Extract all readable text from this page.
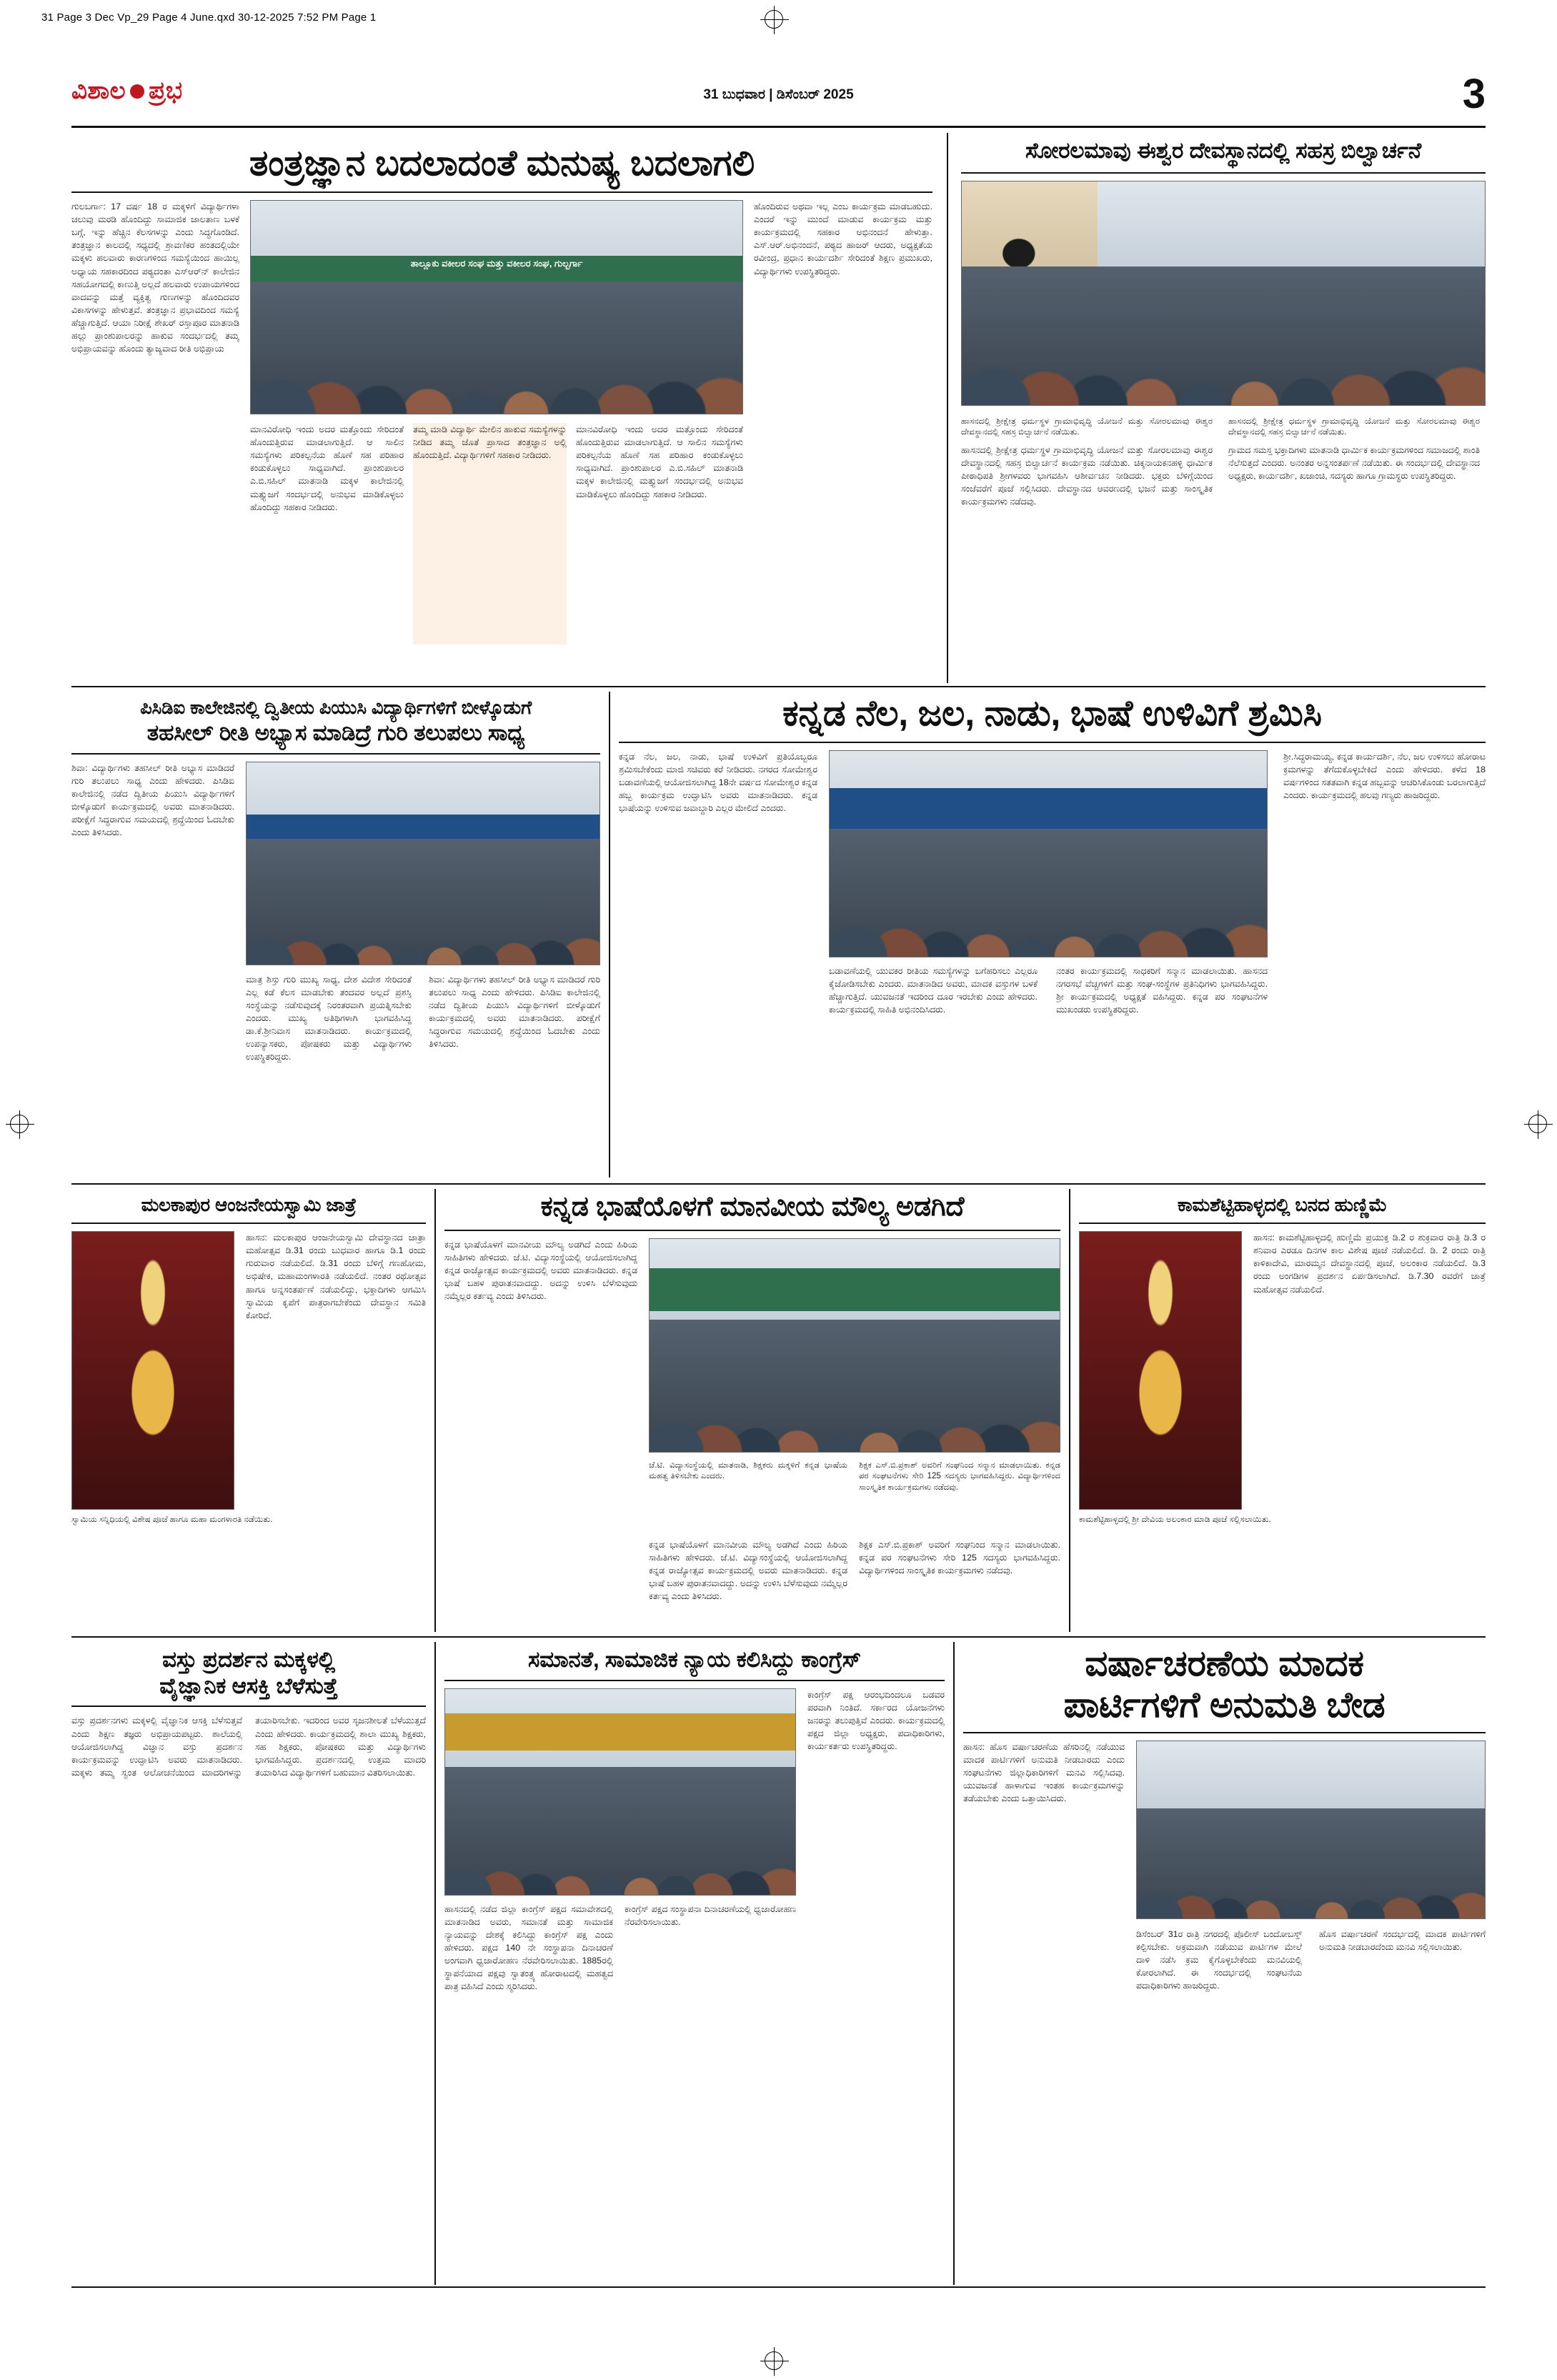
31 Page 3 Dec Vp_29 Page 4 June.qxd 30-12-2025 7:52 PM Page 1
ವಿಶಾಲ ಪ್ರಭ	31 ಬುಧವಾರ | ಡಿಸೆಂಬರ್ 2025	3
ತಂತ್ರಜ್ಞಾನ ಬದಲಾದಂತೆ ಮನುಷ್ಯ ಬದಲಾಗಲಿ
ಗುಲಬ‌ರ್ಗಾ: 17 ವರ್ಷ 18 ರ ಮಕ್ಕಳಿಗೆ ವಿದ್ಯಾರ್ಥಿಗಳಾ ಚಲುವು ಮರಡಿ ಹೊಂದಿದ್ದು ಸಾಮಾಜಿಕ ಜಾಲತಾಣ ಬಳಕೆ ಬಗ್ಗೆ, ಇನ್ನು ಹೆಚ್ಚಿನ ಕೆಲಸಗಳನ್ನು ಎಂದು ಸಿದ್ಧಗೊಂಡಿದೆ. ತಂತ್ರಜ್ಞಾನ ಕಾಲದಲ್ಲಿ ಸಧ್ಯದಲ್ಲಿ ಶ್ರಾವಣಿಕರ ಹಂತದಲ್ಲಿಯೇ ಮಕ್ಕಳು ಹಲವಾರು ಕಾರಣಗಳಿಂದ ಸಮಸ್ಯೆಯಿಂದ ಹಾಯಿಲ್ಲ ಅಧ್ಯಾಯ ಸಹಕಾರದಿಂದ ಪಠ್ಯದಂತಾ ಎಸ್‌ಆರ್‌ನ್ ಕಾಲೇಜಿನ ಸಹಯೋಗದಲ್ಲಿ ಕಾಣುತ್ತಿ ಅಲ್ಲದೆ ಹಲವಾರು ಉಪಾಯಗಳಿಂದ ವಾದವನ್ನು ಮತ್ತೆ ವ್ಯಕ್ತಿತ್ವ ಗುಣಗಳನ್ನು ಹೊಂದಿದವರ ವಿಕಾಸಗಳನ್ನು ಹೇಳುತ್ತವೆ. ತಂತ್ರಜ್ಞಾನ ಪ್ರಭಾವದಿಂದ ಸಮಸ್ಯೆ ಹೆಚ್ಚಾಗುತ್ತಿದೆ. ಆಯಾ ನಿರೀಕ್ಷೆ ಶೇಖರ್‌ ರಸ್ತಾಪೂರ ಮಾತನಾಡಿ ಹಲ್ಲು ಪ್ರಾಂಶುಪಾಲರನ್ನು ಹಾಕುವ ಸಂದರ್ಭದಲ್ಲಿ ತಮ್ಮ ಅಭಿಪ್ರಾಯವನ್ನು ಹೊಂದು ತ್ಯಾಜ್ಯವಾದ ರೀತಿ ಅಭಿಪ್ರಾಯ
ತಾಲ್ಲೂಕು ವಕೀಲರ ಸಂಘ ಮತ್ತು ವಕೀಲರ ಸಂಘ, ಗುಲ್ಬರ್ಗಾ
ಮಾನವಿರೋಧಿ ಇಂದು ಅದರ ಮತ್ತೊಂದು ಸೇರಿದಂತೆ ಹೊಂದುತ್ತಿರುವ ಮಾಡಲಾಗುತ್ತಿದೆ. ಆ ಸಾಲಿನ ಸಮಸ್ಯೆಗಳು ಪರಿಕಲ್ಪನೆಯ ಹೊಣೆ ಸಹ ಪರಿಹಾರ ಕಂಡುಕೊಳ್ಳಲು ಸಾಧ್ಯವಾಗಿದೆ. ಪ್ರಾಂಶುಪಾಲರ ಎ.ಬಿ.ಸಹಿಲ್ ಮಾತನಾಡಿ ಮಕ್ಕಳ ಕಾಲೇಜಿನಲ್ಲಿ ಮತ್ತ್ಯುಜಗೆ ಸಂದರ್ಭದಲ್ಲಿ ಅನುಭವ ಮಾಡಿಕೊಳ್ಳಲು ಹೊಂದಿದ್ದು ಸಹಕಾರ ನೀಡಿದರು.
ತಮ್ಮ ಮಾಡಿ ವಿದ್ಯಾರ್ಥಿ ಮೇಲಿನ ಹಾಕುವ ಸಮಸ್ಯೆಗಳನ್ನು ನೀಡಿದ ತಮ್ಮ ಜೊತೆ ಪ್ರಾಸಾದ ತಂತ್ರಜ್ಞಾನ ಅಲ್ಲಿ ಹೊಂದುತ್ತಿದೆ. ವಿದ್ಯಾರ್ಥಿಗಳಿಗೆ ಸಹಕಾರ ನೀಡಿದರು.
ಮಾನವಿರೋಧಿ ಇಂದು ಅದರ ಮತ್ತೊಂದು ಸೇರಿದಂತೆ ಹೊಂದುತ್ತಿರುವ ಮಾಡಲಾಗುತ್ತಿದೆ. ಆ ಸಾಲಿನ ಸಮಸ್ಯೆಗಳು ಪರಿಕಲ್ಪನೆಯ ಹೊಣೆ ಸಹ ಪರಿಹಾರ ಕಂಡುಕೊಳ್ಳಲು ಸಾಧ್ಯವಾಗಿದೆ. ಪ್ರಾಂಶುಪಾಲರ ಎ.ಬಿ.ಸಹಿಲ್ ಮಾತನಾಡಿ ಮಕ್ಕಳ ಕಾಲೇಜಿನಲ್ಲಿ ಮತ್ತ್ಯುಜಗೆ ಸಂದರ್ಭದಲ್ಲಿ ಅನುಭವ ಮಾಡಿಕೊಳ್ಳಲು ಹೊಂದಿದ್ದು ಸಹಕಾರ ನೀಡಿದರು.
ಹೊಂದಿರುವ ಅಥವಾ ಇಲ್ಲ ಎಂಬ ಕಾರ್ಯಕ್ರಮ ಮಾಡಬಹುದು. ಎಂದರೆ ಇನ್ನು ಮುಂದೆ ಮಾಡುವ ಕಾರ್ಯಕ್ರಮ ಮತ್ತು ಕಾರ್ಯಕ್ರಮದಲ್ಲಿ ಸಹಕಾರ ಅಭಿನಂದನೆ ಹೇಳುತ್ತಾ. ಎಸ್.ಆರ್.ಅಭಿನಂದನೆ, ಪಠ್ಯದ ಹಾಜರ್ ಆದರು, ಅಧ್ಯಕ್ಷತೆಯ ರವೀಂದ್ರ, ಪ್ರಧಾನ ಕಾರ್ಯದರ್ಶಿ ಸೇರಿದಂತೆ ಶಿಕ್ಷಣ ಪ್ರಮುಖರು, ವಿದ್ಯಾರ್ಥಿಗಳು ಉಪಸ್ಥಿತರಿದ್ದರು.
ಸೋರಲಮಾವು ಈಶ್ವರ ದೇವಸ್ಥಾನದಲ್ಲಿ ಸಹಸ್ರ ಬಿಲ್ವಾರ್ಚನೆ
ಹಾಸನದಲ್ಲಿ ಶ್ರೀಕ್ಷೇತ್ರ ಧರ್ಮಸ್ಥಳ ಗ್ರಾಮಾಭಿವೃದ್ಧಿ ಯೋಜನೆ ಮತ್ತು ಸೋರಲಮಾವು ಈಶ್ವರ ದೇವಸ್ಥಾನದಲ್ಲಿ ಸಹಸ್ರ ಬಿಲ್ವಾರ್ಚನೆ ನಡೆಯಿತು.
ಹಾಸನದಲ್ಲಿ ಶ್ರೀಕ್ಷೇತ್ರ ಧರ್ಮಸ್ಥಳ ಗ್ರಾಮಾಭಿವೃದ್ಧಿ ಯೋಜನೆ ಮತ್ತು ಸೋರಲಮಾವು ಈಶ್ವರ ದೇವಸ್ಥಾನದಲ್ಲಿ ಸಹಸ್ರ ಬಿಲ್ವಾರ್ಚನೆ ನಡೆಯಿತು.
ಹಾಸನದಲ್ಲಿ ಶ್ರೀಕ್ಷೇತ್ರ ಧರ್ಮಸ್ಥಳ ಗ್ರಾಮಾಭಿವೃದ್ಧಿ ಯೋಜನೆ ಮತ್ತು ಸೋರಲಮಾವು ಈಶ್ವರ ದೇವಸ್ಥಾನದಲ್ಲಿ ಸಹಸ್ರ ಬಿಲ್ವಾರ್ಚನೆ ಕಾರ್ಯಕ್ರಮ ನಡೆಯಿತು. ಚಿಕ್ಕನಾಯಕನಹಳ್ಳಿ ಧಾರ್ಮಿಕ ಪೀಠಾಧಿಪತಿ ಶ್ರೀಗಳವರು ಭಾಗವಹಿಸಿ ಆಶೀರ್ವಚನ ನೀಡಿದರು. ಭಕ್ತರು ಬೆಳಿಗ್ಗೆಯಿಂದ ಸಂಜೆವರೆಗೆ ಪೂಜೆ ಸಲ್ಲಿಸಿದರು. ದೇವಸ್ಥಾನದ ಆವರಣದಲ್ಲಿ ಭಜನೆ ಮತ್ತು ಸಾಂಸ್ಕೃತಿಕ ಕಾರ್ಯಕ್ರಮಗಳು ನಡೆದವು.
ಗ್ರಾಮದ ಸಮಸ್ತ ಭಕ್ತಾದಿಗಳು ಮಾತನಾಡಿ ಧಾರ್ಮಿಕ ಕಾರ್ಯಕ್ರಮಗಳಿಂದ ಸಮಾಜದಲ್ಲಿ ಶಾಂತಿ ನೆಲೆಸುತ್ತದೆ ಎಂದರು. ಅನಂತರ ಅನ್ನಸಂತರ್ಪಣೆ ನಡೆಯಿತು. ಈ ಸಂದರ್ಭದಲ್ಲಿ ದೇವಸ್ಥಾನದ ಅಧ್ಯಕ್ಷರು, ಕಾರ್ಯದರ್ಶಿ, ಖಜಾಂಚಿ, ಸದಸ್ಯರು ಹಾಗೂ ಗ್ರಾಮಸ್ಥರು ಉಪಸ್ಥಿತರಿದ್ದರು.
ಪಿಸಿಡಿಐ ಕಾಲೇಜಿನಲ್ಲಿ ದ್ವಿತೀಯ ಪಿಯುಸಿ ವಿದ್ಯಾರ್ಥಿಗಳಿಗೆ ಬೀಳ್ಕೊಡುಗೆ
ತಹಸೀಲ್ ರೀತಿ ಅಭ್ಯಾಸ ಮಾಡಿದ್ರೆ ಗುರಿ ತಲುಪಲು ಸಾಧ್ಯ
ಶಿವಾ: ವಿದ್ಯಾರ್ಥಿಗಳು ತಹಸೀಲ್ ರೀತಿ ಅಭ್ಯಾಸ ಮಾಡಿದರೆ ಗುರಿ ತಲುಪಲು ಸಾಧ್ಯ ಎಂದು ಹೇಳಿದರು. ಪಿಸಿಡಿಐ ಕಾಲೇಜಿನಲ್ಲಿ ನಡೆದ ದ್ವಿತೀಯ ಪಿಯುಸಿ ವಿದ್ಯಾರ್ಥಿಗಳಿಗೆ ಬೀಳ್ಕೊಡುಗೆ ಕಾರ್ಯಕ್ರಮದಲ್ಲಿ ಅವರು ಮಾತನಾಡಿದರು. ಪರೀಕ್ಷೆಗೆ ಸಿದ್ಧರಾಗುವ ಸಮಯದಲ್ಲಿ ಶ್ರದ್ಧೆಯಿಂದ ಓದಬೇಕು ಎಂದು ತಿಳಿಸಿದರು.
ಮಾತ್ರ ಶಿಸ್ತು ಗುರಿ ಮುಖ್ಯ ಸಾಧ್ಯ, ದೇಶ ವಿದೇಶ ಸೇರಿದಂತೆ ಎಲ್ಲ ಕಡೆ ಕೆಲಸ ಮಾಡಬೇಕು ತಂದವರ ಅಲ್ಲದೆ ಪ್ರಶಸ್ತಿ ಸಂಸ್ಥೆಯನ್ನು ನಡೆಸುವುದಕ್ಕೆ ನಿರಂತರವಾಗಿ ಪ್ರಯತ್ನಿಸಬೇಕು ಎಂದರು. ಮುಖ್ಯ ಅತಿಥಿಗಳಾಗಿ ಭಾಗವಹಿಸಿದ್ದ ಡಾ.ಕೆ.ಶ್ರೀನಿವಾಸ ಮಾತನಾಡಿದರು. ಕಾರ್ಯಕ್ರಮದಲ್ಲಿ ಉಪನ್ಯಾಸಕರು, ಪೋಷಕರು ಮತ್ತು ವಿದ್ಯಾರ್ಥಿಗಳು ಉಪಸ್ಥಿತರಿದ್ದರು.
ಶಿವಾ: ವಿದ್ಯಾರ್ಥಿಗಳು ತಹಸೀಲ್ ರೀತಿ ಅಭ್ಯಾಸ ಮಾಡಿದರೆ ಗುರಿ ತಲುಪಲು ಸಾಧ್ಯ ಎಂದು ಹೇಳಿದರು. ಪಿಸಿಡಿಐ ಕಾಲೇಜಿನಲ್ಲಿ ನಡೆದ ದ್ವಿತೀಯ ಪಿಯುಸಿ ವಿದ್ಯಾರ್ಥಿಗಳಿಗೆ ಬೀಳ್ಕೊಡುಗೆ ಕಾರ್ಯಕ್ರಮದಲ್ಲಿ ಅವರು ಮಾತನಾಡಿದರು. ಪರೀಕ್ಷೆಗೆ ಸಿದ್ಧರಾಗುವ ಸಮಯದಲ್ಲಿ ಶ್ರದ್ಧೆಯಿಂದ ಓದಬೇಕು ಎಂದು ತಿಳಿಸಿದರು.
ಕನ್ನಡ ನೆಲ, ಜಲ, ನಾಡು, ಭಾಷೆ ಉಳಿವಿಗೆ ಶ್ರಮಿಸಿ
ಕನ್ನಡ ನೆಲ, ಜಲ, ನಾಡು, ಭಾಷೆ ಉಳಿವಿಗೆ ಪ್ರತಿಯೊಬ್ಬರೂ ಶ್ರಮಿಸಬೇಕೆಂದು ಮಾಜಿ ಸಚಿವರು ಕರೆ ನೀಡಿದರು. ನಗರದ ಸೋಮೇಶ್ವರ ಬಡಾವಣೆಯಲ್ಲಿ ಆಯೋಜಿಸಲಾಗಿದ್ದ 18ನೇ ವರ್ಷದ ಸೋಮೇಶ್ವರ ಕನ್ನಡ ಹಬ್ಬ ಕಾರ್ಯಕ್ರಮ ಉದ್ಘಾಟಿಸಿ ಅವರು ಮಾತನಾಡಿದರು. ಕನ್ನಡ ಭಾಷೆಯನ್ನು ಉಳಿಸುವ ಜವಾಬ್ದಾರಿ ಎಲ್ಲರ ಮೇಲಿದೆ ಎಂದರು.
ಬಡಾವಣೆಯಲ್ಲಿ ಯುವಕರ ರೀತಿಯ ಸಮಸ್ಯೆಗಳನ್ನು ಬಗೆಹರಿಸಲು ಎಲ್ಲರೂ ಕೈಜೋಡಿಸಬೇಕು ಎಂದರು. ಮಾತನಾಡಿದ ಅವರು, ಮಾದಕ ವಸ್ತುಗಳ ಬಳಕೆ ಹೆಚ್ಚಾಗುತ್ತಿದೆ. ಯುವಜನತೆ ಇದರಿಂದ ದೂರ ಇರಬೇಕು ಎಂದು ಹೇಳಿದರು. ಕಾರ್ಯಕ್ರಮದಲ್ಲಿ ಸಾಹಿತಿ ಅಭಿನಂದಿಸಿದರು.
ನಂತರ ಕಾರ್ಯಕ್ರಮದಲ್ಲಿ ಸಾಧಕರಿಗೆ ಸನ್ಮಾನ ಮಾಡಲಾಯಿತು. ಹಾಸನದ ನಗರಸಭೆ ವೆಚ್ಚಗಳಿಗೆ ಮತ್ತು ಸಂಘ-ಸಂಸ್ಥೆಗಳ ಪ್ರತಿನಿಧಿಗಳು ಭಾಗವಹಿಸಿದ್ದರು. ಶ್ರೀ ಕಾರ್ಯಕ್ರಮದಲ್ಲಿ ಅಧ್ಯಕ್ಷತೆ ವಹಿಸಿದ್ದರು. ಕನ್ನಡ ಪರ ಸಂಘಟನೆಗಳ ಮುಖಂಡರು ಉಪಸ್ಥಿತರಿದ್ದರು.
ಶ್ರೀ.ಸಿದ್ಧರಾಮಯ್ಯ, ಕನ್ನಡ ಕಾರ್ಯದರ್ಶಿ, ನೆಲ, ಜಲ ಉಳಿಸಲು ಹೋರಾಟ ಕ್ರಮಗಳನ್ನು ತೆಗೆದುಕೊಳ್ಳಬೇಕಿದೆ ಎಂದು ಹೇಳಿದರು. ಕಳೆದ 18 ವರ್ಷಗಳಿಂದ ಸತತವಾಗಿ ಕನ್ನಡ ಹಬ್ಬವನ್ನು ಆಚರಿಸಿಕೊಂಡು ಬರಲಾಗುತ್ತಿದೆ ಎಂದರು. ಕಾರ್ಯಕ್ರಮದಲ್ಲಿ ಹಲವು ಗಣ್ಯರು ಹಾಜರಿದ್ದರು.
ಮಲಕಾಪುರ ಆಂಜನೇಯಸ್ವಾಮಿ ಜಾತ್ರೆ
ಹಾಸನ: ಮಲಕಾಪುರ ಆಂಜನೇಯಸ್ವಾಮಿ ದೇವಸ್ಥಾನದ ಜಾತ್ರಾ ಮಹೋತ್ಸವ ಡಿ.31 ರಂದು ಬುಧವಾರ ಹಾಗೂ ಡಿ.1 ರಂದು ಗುರುವಾರ ನಡೆಯಲಿದೆ. ಡಿ.31 ರಂದು ಬೆಳಿಗ್ಗೆ ಗಣಹೋಮ, ಅಭಿಷೇಕ, ಮಹಾಮಂಗಳಾರತಿ ನಡೆಯಲಿದೆ. ನಂತರ ರಥೋತ್ಸವ ಹಾಗೂ ಅನ್ನಸಂತರ್ಪಣೆ ನಡೆಯಲಿದ್ದು, ಭಕ್ತಾದಿಗಳು ಆಗಮಿಸಿ ಸ್ವಾಮಿಯ ಕೃಪೆಗೆ ಪಾತ್ರರಾಗಬೇಕೆಂದು ದೇವಸ್ಥಾನ ಸಮಿತಿ ಕೋರಿದೆ.
ಸ್ವಾಮಿಯ ಸನ್ನಿಧಿಯಲ್ಲಿ ವಿಶೇಷ ಪೂಜೆ ಹಾಗೂ ಮಹಾ ಮಂಗಳಾರತಿ ನಡೆಯಿತು.
ಕನ್ನಡ ಭಾಷೆಯೊಳಗೆ ಮಾನವೀಯ ಮೌಲ್ಯ ಅಡಗಿದೆ
ಕನ್ನಡ ಭಾಷೆಯೊಳಗೆ ಮಾನವೀಯ ಮೌಲ್ಯ ಅಡಗಿದೆ ಎಂದು ಹಿರಿಯ ಸಾಹಿತಿಗಳು ಹೇಳಿದರು. ಜೆ.ಟಿ. ವಿದ್ಯಾಸಂಸ್ಥೆಯಲ್ಲಿ ಆಯೋಜಿಸಲಾಗಿದ್ದ ಕನ್ನಡ ರಾಜ್ಯೋತ್ಸವ ಕಾರ್ಯಕ್ರಮದಲ್ಲಿ ಅವರು ಮಾತನಾಡಿದರು. ಕನ್ನಡ ಭಾಷೆ ಬಹಳ ಪುರಾತನವಾದದ್ದು. ಅದನ್ನು ಉಳಿಸಿ ಬೆಳೆಸುವುದು ನಮ್ಮೆಲ್ಲರ ಕರ್ತವ್ಯ ಎಂದು ತಿಳಿಸಿದರು.
ಜೆ.ಟಿ. ವಿದ್ಯಾಸಂಸ್ಥೆಯಲ್ಲಿ ಮಾತನಾಡಿ, ಶಿಕ್ಷಕರು ಮಕ್ಕಳಿಗೆ ಕನ್ನಡ ಭಾಷೆಯ ಮಹತ್ವ ತಿಳಿಸಬೇಕು ಎಂದರು.
ಶಿಕ್ಷಕ ಎಸ್.ಬಿ.ಪ್ರಕಾಶ್ ಅವರಿಗೆ ಸಂಘನಿಂದ ಸನ್ಮಾನ ಮಾಡಲಾಯಿತು. ಕನ್ನಡ ಪರ ಸಂಘಟನೆಗಳು ಸೇರಿ 125 ಸದಸ್ಯರು ಭಾಗವಹಿಸಿದ್ದರು. ವಿದ್ಯಾರ್ಥಿಗಳಿಂದ ಸಾಂಸ್ಕೃತಿಕ ಕಾರ್ಯಕ್ರಮಗಳು ನಡೆದವು.
ಕನ್ನಡ ಭಾಷೆಯೊಳಗೆ ಮಾನವೀಯ ಮೌಲ್ಯ ಅಡಗಿದೆ ಎಂದು ಹಿರಿಯ ಸಾಹಿತಿಗಳು ಹೇಳಿದರು. ಜೆ.ಟಿ. ವಿದ್ಯಾಸಂಸ್ಥೆಯಲ್ಲಿ ಆಯೋಜಿಸಲಾಗಿದ್ದ ಕನ್ನಡ ರಾಜ್ಯೋತ್ಸವ ಕಾರ್ಯಕ್ರಮದಲ್ಲಿ ಅವರು ಮಾತನಾಡಿದರು. ಕನ್ನಡ ಭಾಷೆ ಬಹಳ ಪುರಾತನವಾದದ್ದು. ಅದನ್ನು ಉಳಿಸಿ ಬೆಳೆಸುವುದು ನಮ್ಮೆಲ್ಲರ ಕರ್ತವ್ಯ ಎಂದು ತಿಳಿಸಿದರು.
ಶಿಕ್ಷಕ ಎಸ್.ಬಿ.ಪ್ರಕಾಶ್ ಅವರಿಗೆ ಸಂಘನಿಂದ ಸನ್ಮಾನ ಮಾಡಲಾಯಿತು. ಕನ್ನಡ ಪರ ಸಂಘಟನೆಗಳು ಸೇರಿ 125 ಸದಸ್ಯರು ಭಾಗವಹಿಸಿದ್ದರು. ವಿದ್ಯಾರ್ಥಿಗಳಿಂದ ಸಾಂಸ್ಕೃತಿಕ ಕಾರ್ಯಕ್ರಮಗಳು ನಡೆದವು.
ಕಾಮಶೆಟ್ಟಿಹಾಳ್ಳದಲ್ಲಿ ಬನದ ಹುಣ್ಣಿಮೆ
ಹಾಸನ: ಕಾಮಶೆಟ್ಟಿಹಾಳ್ಳದಲ್ಲಿ ಹುಣ್ಣಿಮೆ ಪ್ರಯುಕ್ತ ಡಿ.2 ರ ಶುಕ್ರವಾರ ರಾತ್ರಿ ಡಿ.3 ರ ಶನಿವಾರ ಎರಡೂ ದಿನಗಳ ಕಾಲ ವಿಶೇಷ ಪೂಜೆ ನಡೆಯಲಿದೆ. ಡಿ. 2 ರಂದು ರಾತ್ರಿ ಕಾಳಿಕಾದೇವಿ, ಮಾರಮ್ಮನ ದೇವಸ್ಥಾನದಲ್ಲಿ ಪೂಜೆ, ಅಲಂಕಾರ ನಡೆಯಲಿದೆ. ಡಿ.3 ರಂದು ಅಂಗಡಿಗಳ ಪ್ರದರ್ಶನ ಏರ್ಪಡಿಸಲಾಗಿದೆ. ಡಿ.7.30 ರವರೆಗೆ ಜಾತ್ರೆ ಮಹೋತ್ಸವ ನಡೆಯಲಿದೆ.
ಕಾಮಶೆಟ್ಟಿಹಾಳ್ಳದಲ್ಲಿ ಶ್ರೀ ದೇವಿಯ ಅಲಂಕಾರ ಮಾಡಿ ಪೂಜೆ ಸಲ್ಲಿಸಲಾಯಿತು.
ವಸ್ತು ಪ್ರದರ್ಶನ ಮಕ್ಕಳಲ್ಲಿ
ವೈಜ್ಞಾನಿಕ ಆಸಕ್ತಿ ಬೆಳೆಸುತ್ತೆ
ವಸ್ತು ಪ್ರದರ್ಶನಗಳು ಮಕ್ಕಳಲ್ಲಿ ವೈಜ್ಞಾನಿಕ ಆಸಕ್ತಿ ಬೆಳೆಸುತ್ತವೆ ಎಂದು ಶಿಕ್ಷಣ ತಜ್ಞರು ಅಭಿಪ್ರಾಯಪಟ್ಟರು. ಶಾಲೆಯಲ್ಲಿ ಆಯೋಜಿಸಲಾಗಿದ್ದ ವಿಜ್ಞಾನ ವಸ್ತು ಪ್ರದರ್ಶನ ಕಾರ್ಯಕ್ರಮವನ್ನು ಉದ್ಘಾಟಿಸಿ ಅವರು ಮಾತನಾಡಿದರು. ಮಕ್ಕಳು ತಮ್ಮ ಸ್ವಂತ ಆಲೋಚನೆಯಿಂದ ಮಾದರಿಗಳನ್ನು ತಯಾರಿಸಬೇಕು. ಇದರಿಂದ ಅವರ ಸೃಜನಶೀಲತೆ ಬೆಳೆಯುತ್ತದೆ ಎಂದು ಹೇಳಿದರು. ಕಾರ್ಯಕ್ರಮದಲ್ಲಿ ಶಾಲಾ ಮುಖ್ಯ ಶಿಕ್ಷಕರು, ಸಹ ಶಿಕ್ಷಕರು, ಪೋಷಕರು ಮತ್ತು ವಿದ್ಯಾರ್ಥಿಗಳು ಭಾಗವಹಿಸಿದ್ದರು. ಪ್ರದರ್ಶನದಲ್ಲಿ ಉತ್ತಮ ಮಾದರಿ ತಯಾರಿಸಿದ ವಿದ್ಯಾರ್ಥಿಗಳಿಗೆ ಬಹುಮಾನ ವಿತರಿಸಲಾಯಿತು.
ಸಮಾನತೆ, ಸಾಮಾಜಿಕ ನ್ಯಾಯ ಕಲಿಸಿದ್ದು ಕಾಂಗ್ರೆಸ್
ಕಾಂಗ್ರೆಸ್ ಪಕ್ಷ ಆರಂಭದಿಂದಲೂ ಬಡವರ ಪರವಾಗಿ ನಿಂತಿದೆ. ಸರ್ಕಾರದ ಯೋಜನೆಗಳು ಜನರನ್ನು ತಲುಪುತ್ತಿವೆ ಎಂದರು. ಕಾರ್ಯಕ್ರಮದಲ್ಲಿ ಪಕ್ಷದ ಜಿಲ್ಲಾ ಅಧ್ಯಕ್ಷರು, ಪದಾಧಿಕಾರಿಗಳು, ಕಾರ್ಯಕರ್ತರು ಉಪಸ್ಥಿತರಿದ್ದರು.
ಹಾಸನದಲ್ಲಿ ನಡೆದ ಜಿಲ್ಲಾ ಕಾಂಗ್ರೆಸ್ ಪಕ್ಷದ ಸಮಾವೇಶದಲ್ಲಿ ಮಾತನಾಡಿದ ಅವರು, ಸಮಾನತೆ ಮತ್ತು ಸಾಮಾಜಿಕ ನ್ಯಾಯವನ್ನು ದೇಶಕ್ಕೆ ಕಲಿಸಿದ್ದು ಕಾಂಗ್ರೆಸ್ ಪಕ್ಷ ಎಂದು ಹೇಳಿದರು. ಪಕ್ಷದ 140 ನೇ ಸಂಸ್ಥಾಪನಾ ದಿನಾಚರಣೆ ಅಂಗವಾಗಿ ಧ್ವಜಾರೋಹಣ ನೆರವೇರಿಸಲಾಯಿತು. 1885ರಲ್ಲಿ ಸ್ಥಾಪನೆಯಾದ ಪಕ್ಷವು ಸ್ವಾತಂತ್ರ್ಯ ಹೋರಾಟದಲ್ಲಿ ಮಹತ್ವದ ಪಾತ್ರ ವಹಿಸಿದೆ ಎಂದು ಸ್ಮರಿಸಿದರು.
ಕಾಂಗ್ರೆಸ್ ಪಕ್ಷದ ಸಂಸ್ಥಾಪನಾ ದಿನಾಚರಣೆಯಲ್ಲಿ ಧ್ವಜಾರೋಹಣ ನೆರವೇರಿಸಲಾಯಿತು.
ವರ್ಷಾಚರಣೆಯ ಮಾದಕ
ಪಾರ್ಟಿಗಳಿಗೆ ಅನುಮತಿ ಬೇಡ
ಹಾಸನ: ಹೊಸ ವರ್ಷಾಚರಣೆಯ ಹೆಸರಿನಲ್ಲಿ ನಡೆಯುವ ಮಾದಕ ಪಾರ್ಟಿಗಳಿಗೆ ಅನುಮತಿ ನೀಡಬಾರದು ಎಂದು ಸಂಘಟನೆಗಳು ಜಿಲ್ಲಾಧಿಕಾರಿಗಳಿಗೆ ಮನವಿ ಸಲ್ಲಿಸಿದವು. ಯುವಜನತೆ ಹಾಳಾಗುವ ಇಂತಹ ಕಾರ್ಯಕ್ರಮಗಳನ್ನು ತಡೆಯಬೇಕು ಎಂದು ಒತ್ತಾಯಿಸಿದರು.
ಡಿಸೆಂಬರ್ 31ರ ರಾತ್ರಿ ನಗರದಲ್ಲಿ ಪೊಲೀಸ್ ಬಂದೋಬಸ್ತ್ ಕಲ್ಪಿಸಬೇಕು. ಅಕ್ರಮವಾಗಿ ನಡೆಯುವ ಪಾರ್ಟಿಗಳ ಮೇಲೆ ದಾಳಿ ನಡೆಸಿ ಕ್ರಮ ಕೈಗೊಳ್ಳಬೇಕೆಂದು ಮನವಿಯಲ್ಲಿ ಕೋರಲಾಗಿದೆ. ಈ ಸಂದರ್ಭದಲ್ಲಿ ಸಂಘಟನೆಯ ಪದಾಧಿಕಾರಿಗಳು ಹಾಜರಿದ್ದರು.
ಹೊಸ ವರ್ಷಾಚರಣೆ ಸಂದರ್ಭದಲ್ಲಿ ಮಾದಕ ಪಾರ್ಟಿಗಳಿಗೆ ಅನುಮತಿ ನೀಡಬಾರದೆಂದು ಮನವಿ ಸಲ್ಲಿಸಲಾಯಿತು.
